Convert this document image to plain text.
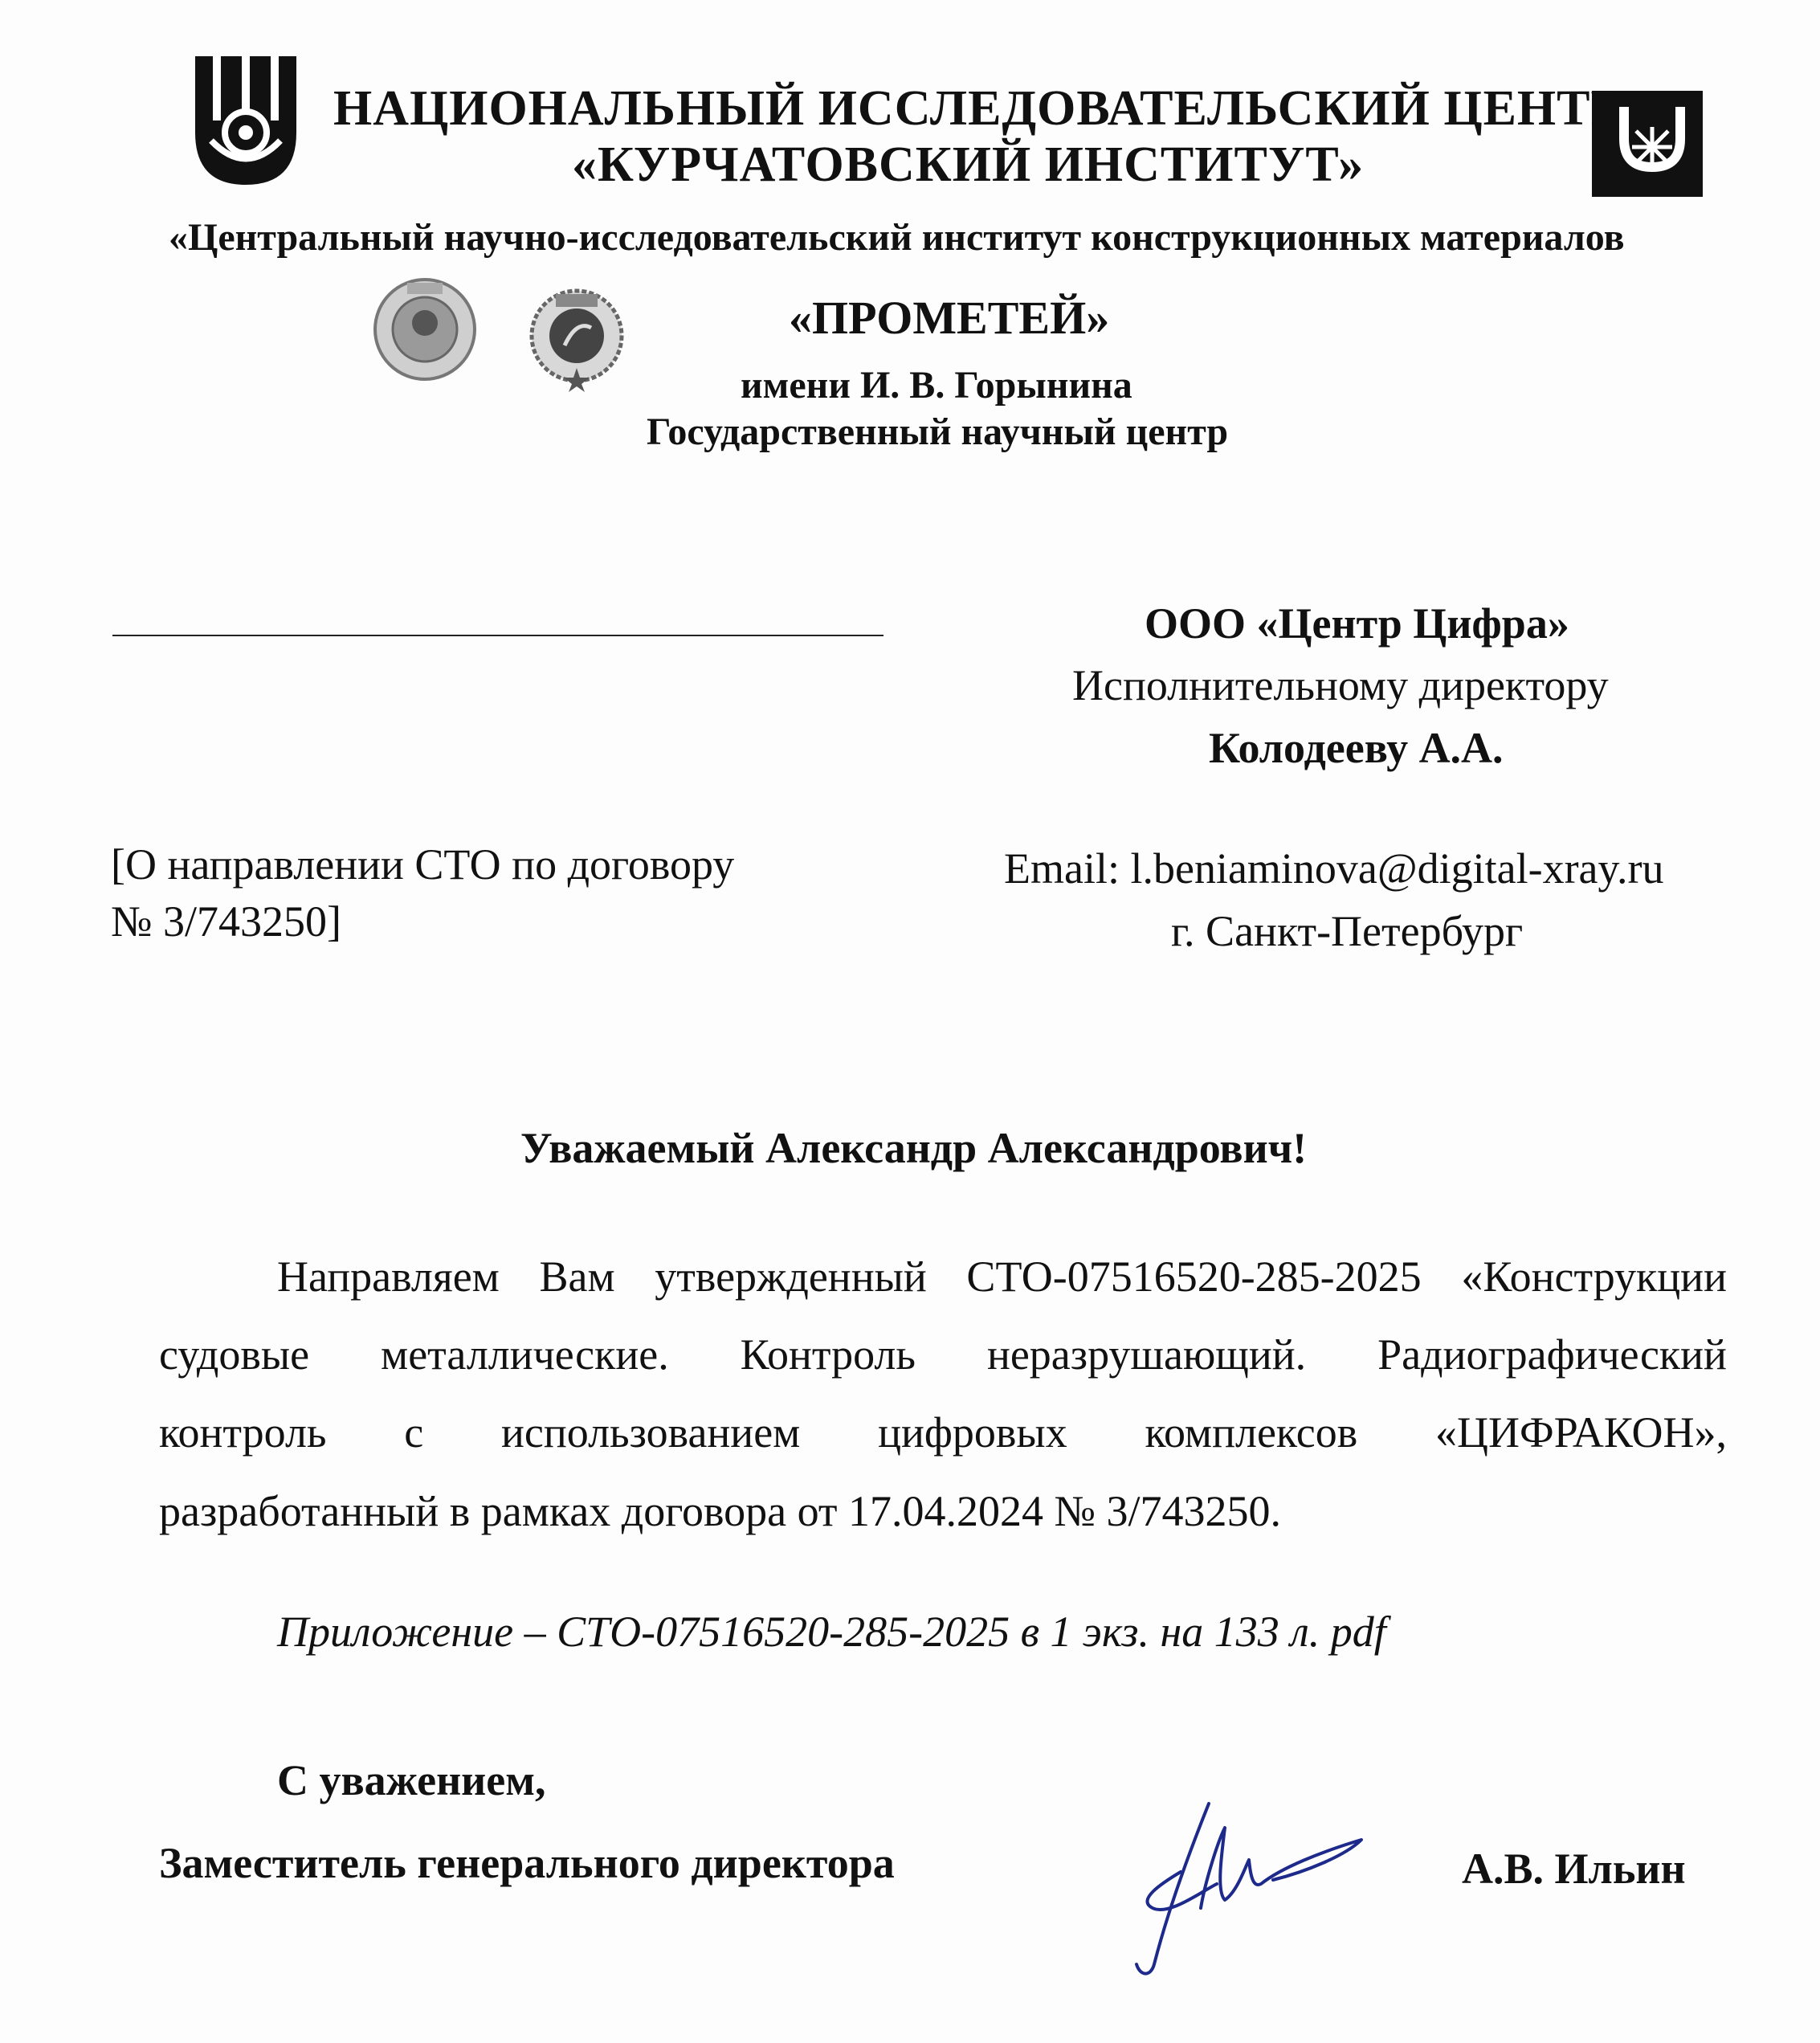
НАЦИОНАЛЬНЫЙ ИССЛЕДОВАТЕЛЬСКИЙ ЦЕНТР
«КУРЧАТОВСКИЙ ИНСТИТУТ»
«Центральный научно-исследовательский институт конструкционных материалов
«ПРОМЕТЕЙ»
имени И. В. Горынина
Государственный научный центр
ООО «Центр Цифра»
Исполнительному директору
Колодееву А.А.
Email: l.beniaminova@digital-xray.ru
г. Санкт-Петербург
[О направлении СТО по договору
№ 3/743250]
Уважаемый Александр Александрович!
Направляем Вам утвержденный СТО-07516520-285-2025 «Конструкции
судовые металлические. Контроль неразрушающий. Радиографический
контроль с использованием цифровых комплексов «ЦИФРАКОН»,
разработанный в рамках договора от 17.04.2024 № 3/743250.
Приложение – СТО-07516520-285-2025 в 1 экз. на 133 л. pdf
С уважением,
Заместитель генерального директора	А.В. Ильин
